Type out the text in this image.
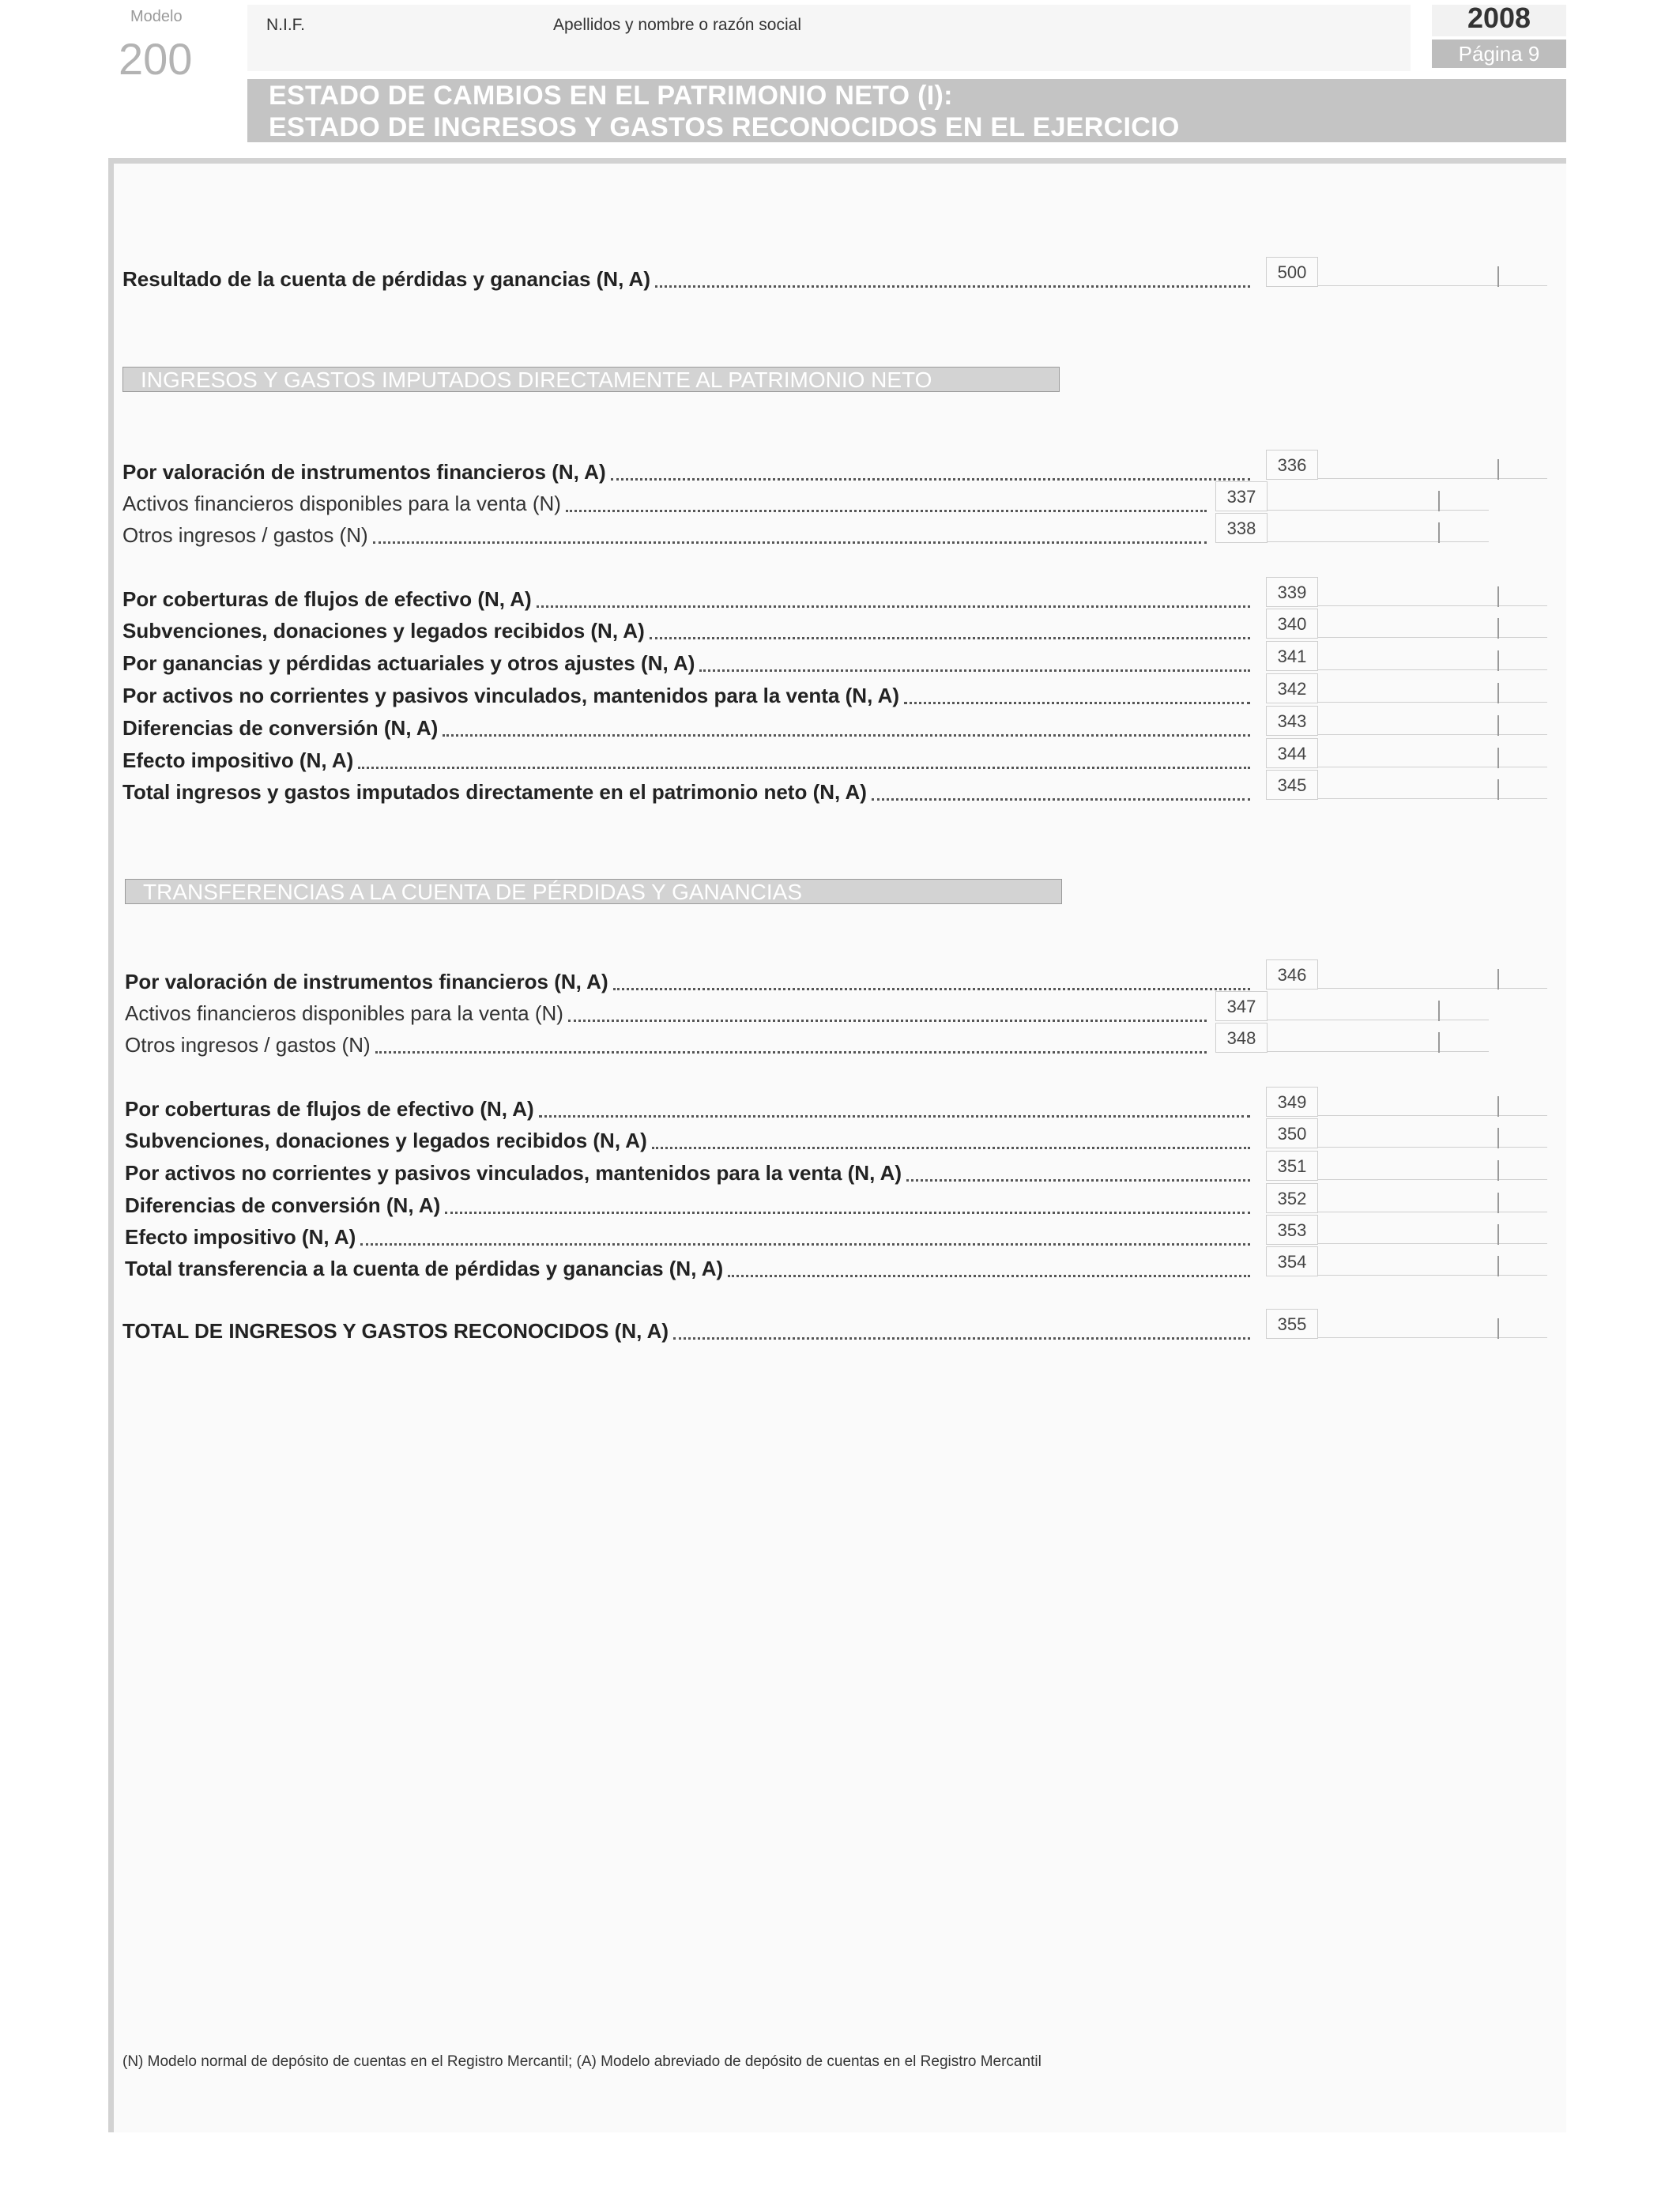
Modelo
200
N.I.F.	Apellidos y nombre o razón social	2008
Página 9
ESTADO DE CAMBIOS EN EL PATRIMONIO NETO (I):
ESTADO DE INGRESOS Y GASTOS RECONOCIDOS EN EL EJERCICIO
Resultado de la cuenta de pérdidas y ganancias (N, A)	500
INGRESOS Y GASTOS IMPUTADOS DIRECTAMENTE AL PATRIMONIO NETO
Por valoración de instrumentos financieros (N, A)	336
Activos financieros disponibles para la venta (N)	337
Otros ingresos / gastos (N)	338
Por coberturas de flujos de efectivo (N, A)	339
Subvenciones, donaciones y legados recibidos (N, A)	340
Por ganancias y pérdidas actuariales y otros ajustes (N, A)	341
Por activos no corrientes y pasivos vinculados, mantenidos para la venta (N, A)	342
Diferencias de conversión (N, A)	343
Efecto impositivo (N, A)	344
Total ingresos y gastos imputados directamente en el patrimonio neto (N, A)	345
TRANSFERENCIAS A LA CUENTA DE PÉRDIDAS Y GANANCIAS
Por valoración de instrumentos financieros (N, A)	346
Activos financieros disponibles para la venta (N)	347
Otros ingresos / gastos (N)	348
Por coberturas de flujos de efectivo (N, A)	349
Subvenciones, donaciones y legados recibidos (N, A)	350
Por activos no corrientes y pasivos vinculados, mantenidos para la venta (N, A)	351
Diferencias de conversión (N, A)	352
Efecto impositivo (N, A)	353
Total transferencia a la cuenta de pérdidas y ganancias (N, A)	354
TOTAL DE INGRESOS Y GASTOS RECONOCIDOS (N, A)	355
(N) Modelo normal de depósito de cuentas en el Registro Mercantil; (A) Modelo abreviado de depósito de cuentas en el Registro Mercantil
